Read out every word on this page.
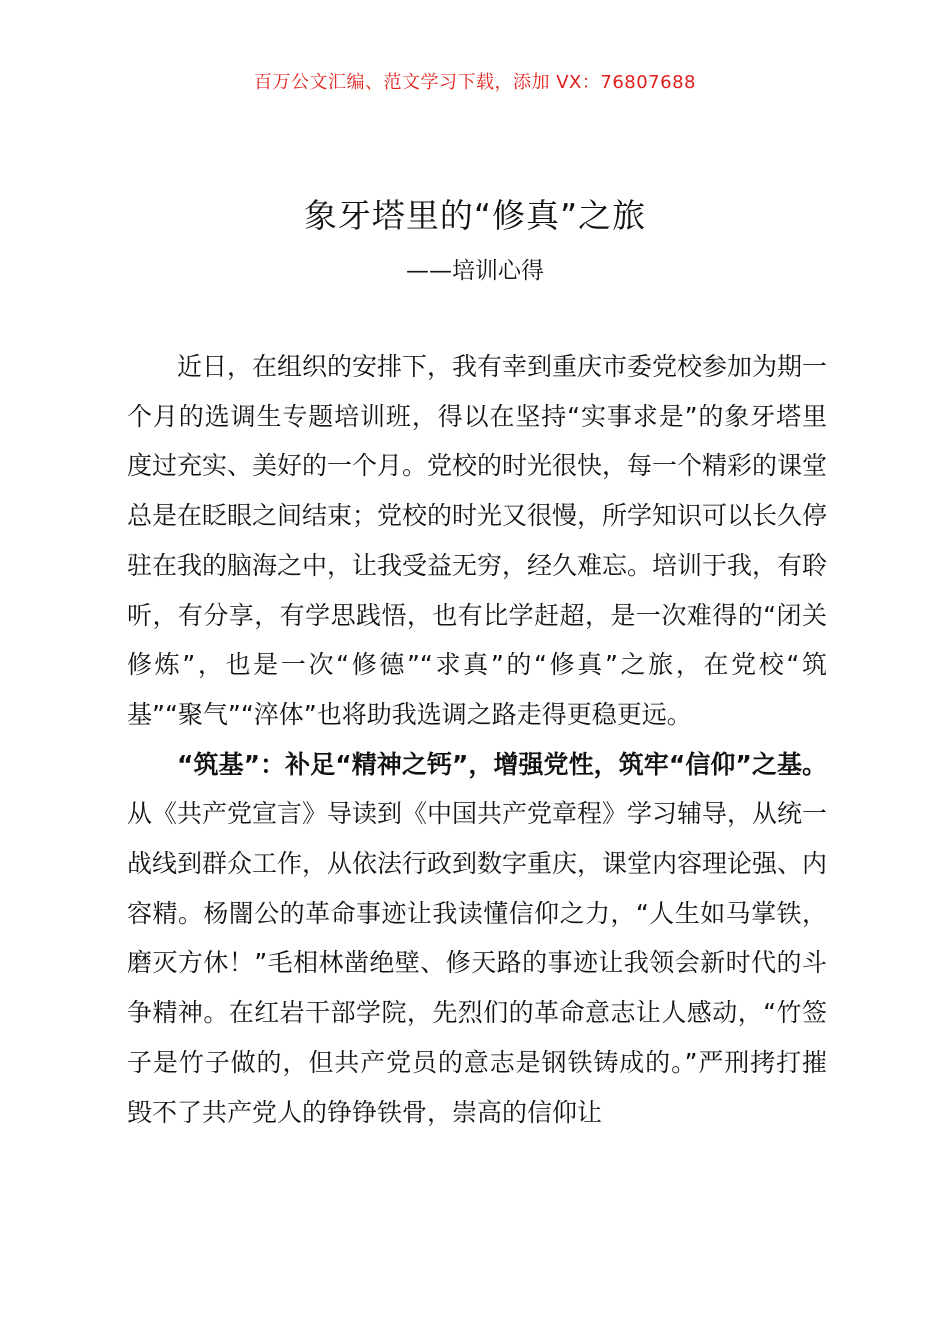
百万公文汇编、范文学习下载，添加 VX：76807688
象牙塔里的“修真”之旅
——培训心得

近日，在组织的安排下，我有幸到重庆市委党校参加为期一个月的选调生专题培训班，得以在坚持“实事求是”的象牙塔里度过充实、美好的一个月。党校的时光很快，每一个精彩的课堂总是在眨眼之间结束；党校的时光又很慢，所学知识可以长久停驻在我的脑海之中，让我受益无穷，经久难忘。培训于我，有聆听，有分享，有学思践悟，也有比学赶超，是一次难得的“闭关修炼”，也是一次“修德”“求真”的“修真”之旅，在党校“筑基”“聚气”“淬体”也将助我选调之路走得更稳更远。

“筑基”：补足“精神之钙”，增强党性，筑牢“信仰”之基。从《共产党宣言》导读到《中国共产党章程》学习辅导，从统一战线到群众工作，从依法行政到数字重庆，课堂内容理论强、内容精。杨闇公的革命事迹让我读懂信仰之力，“人生如马掌铁，磨灭方休！”毛相林凿绝壁、修天路的事迹让我领会新时代的斗争精神。在红岩干部学院，先烈们的革命意志让人感动，“竹签子是竹子做的，但共产党员的意志是钢铁铸成的。”严刑拷打摧毁不了共产党人的铮铮铁骨，崇高的信仰让
